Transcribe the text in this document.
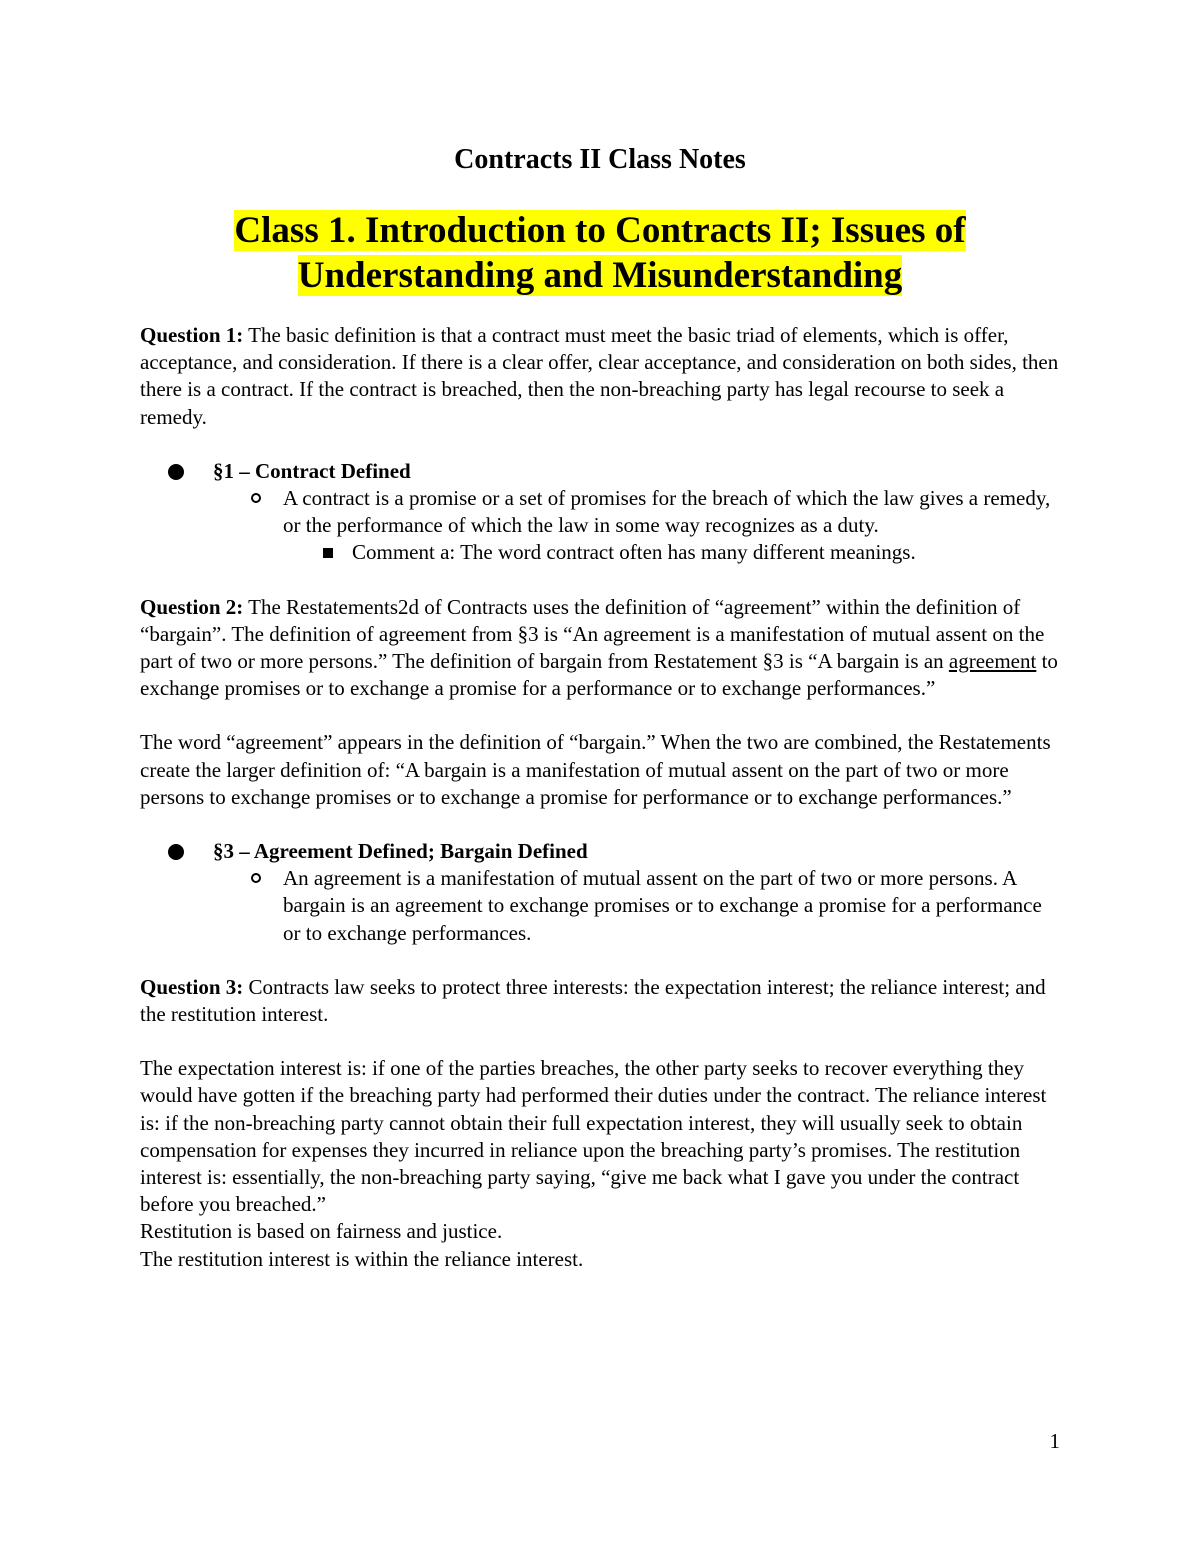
Contracts II Class Notes
Class 1. Introduction to Contracts II; Issues of
Understanding and Misunderstanding

Question 1: The basic definition is that a contract must meet the basic triad of elements, which is offer, acceptance, and consideration. If there is a clear offer, clear acceptance, and consideration on both sides, then there is a contract. If the contract is breached, then the non-breaching party has legal recourse to seek a remedy.

§1 – Contract Defined
A contract is a promise or a set of promises for the breach of which the law gives a remedy, or the performance of which the law in some way recognizes as a duty.
Comment a: The word contract often has many different meanings.

Question 2: The Restatements2d of Contracts uses the definition of “agreement” within the definition of “bargain”. The definition of agreement from §3 is “An agreement is a manifestation of mutual assent on the part of two or more persons.” The definition of bargain from Restatement §3 is “A bargain is an agreement to exchange promises or to exchange a promise for a performance or to exchange performances.”

The word “agreement” appears in the definition of “bargain.” When the two are combined, the Restatements create the larger definition of: “A bargain is a manifestation of mutual assent on the part of two or more persons to exchange promises or to exchange a promise for performance or to exchange performances.”

§3 – Agreement Defined; Bargain Defined
An agreement is a manifestation of mutual assent on the part of two or more persons. A bargain is an agreement to exchange promises or to exchange a promise for a performance or to exchange performances.

Question 3: Contracts law seeks to protect three interests: the expectation interest; the reliance interest; and the restitution interest.

The expectation interest is: if one of the parties breaches, the other party seeks to recover everything they would have gotten if the breaching party had performed their duties under the contract. The reliance interest is: if the non-breaching party cannot obtain their full expectation interest, they will usually seek to obtain compensation for expenses they incurred in reliance upon the breaching party’s promises. The restitution interest is: essentially, the non-breaching party saying, “give me back what I gave you under the contract before you breached.”

Restitution is based on fairness and justice.

The restitution interest is within the reliance interest.

1
